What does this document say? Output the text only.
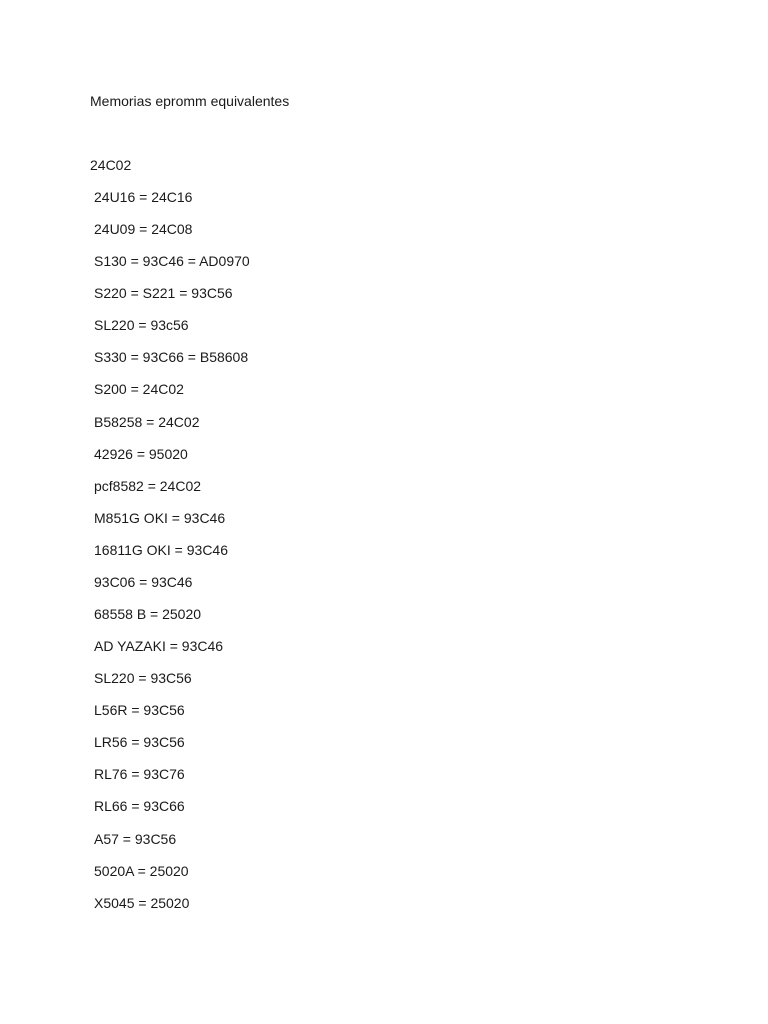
Memorias epromm equivalentes
24C02
24U16 = 24C16
24U09 = 24C08
S130 = 93C46 = AD0970
S220 = S221 = 93C56
SL220 = 93c56
S330 = 93C66 = B58608
S200 = 24C02
B58258 = 24C02
42926 = 95020
pcf8582 = 24C02
M851G OKI = 93C46
16811G OKI = 93C46
93C06 = 93C46
68558 B = 25020
AD YAZAKI = 93C46
SL220 = 93C56
L56R = 93C56
LR56 = 93C56
RL76 = 93C76
RL66 = 93C66
A57 = 93C56
5020A = 25020
X5045 = 25020
